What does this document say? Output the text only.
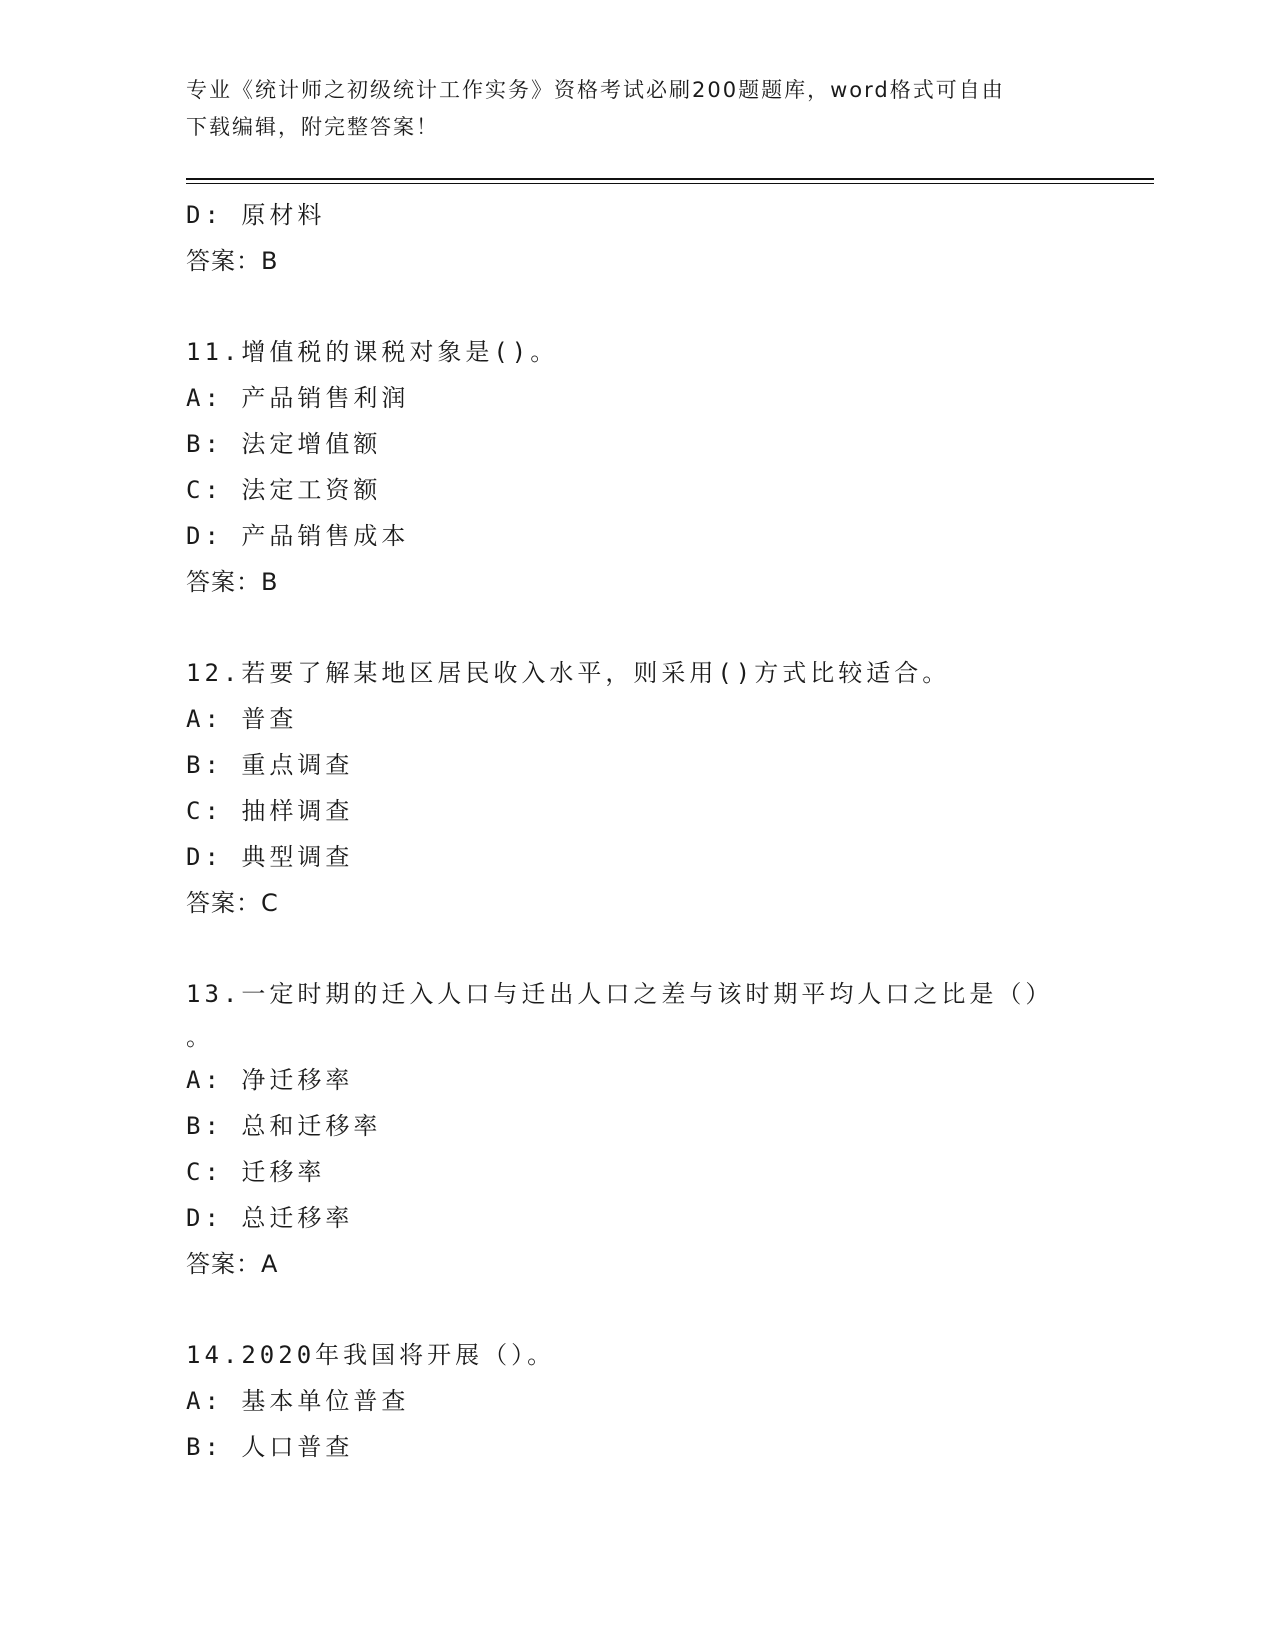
专业《统计师之初级统计工作实务》资格考试必刷200题题库，word格式可自由
下载编辑，附完整答案！
D: 原材料
答案：B
11.增值税的课税对象是()。
A: 产品销售利润
B: 法定增值额
C: 法定工资额
D: 产品销售成本
答案：B
12.若要了解某地区居民收入水平，则采用()方式比较适合。
A: 普查
B: 重点调查
C: 抽样调查
D: 典型调查
答案：C
13.一定时期的迁入人口与迁出人口之差与该时期平均人口之比是（）
。
A: 净迁移率
B: 总和迁移率
C: 迁移率
D: 总迁移率
答案：A
14.2020年我国将开展（）。
A: 基本单位普查
B: 人口普查
